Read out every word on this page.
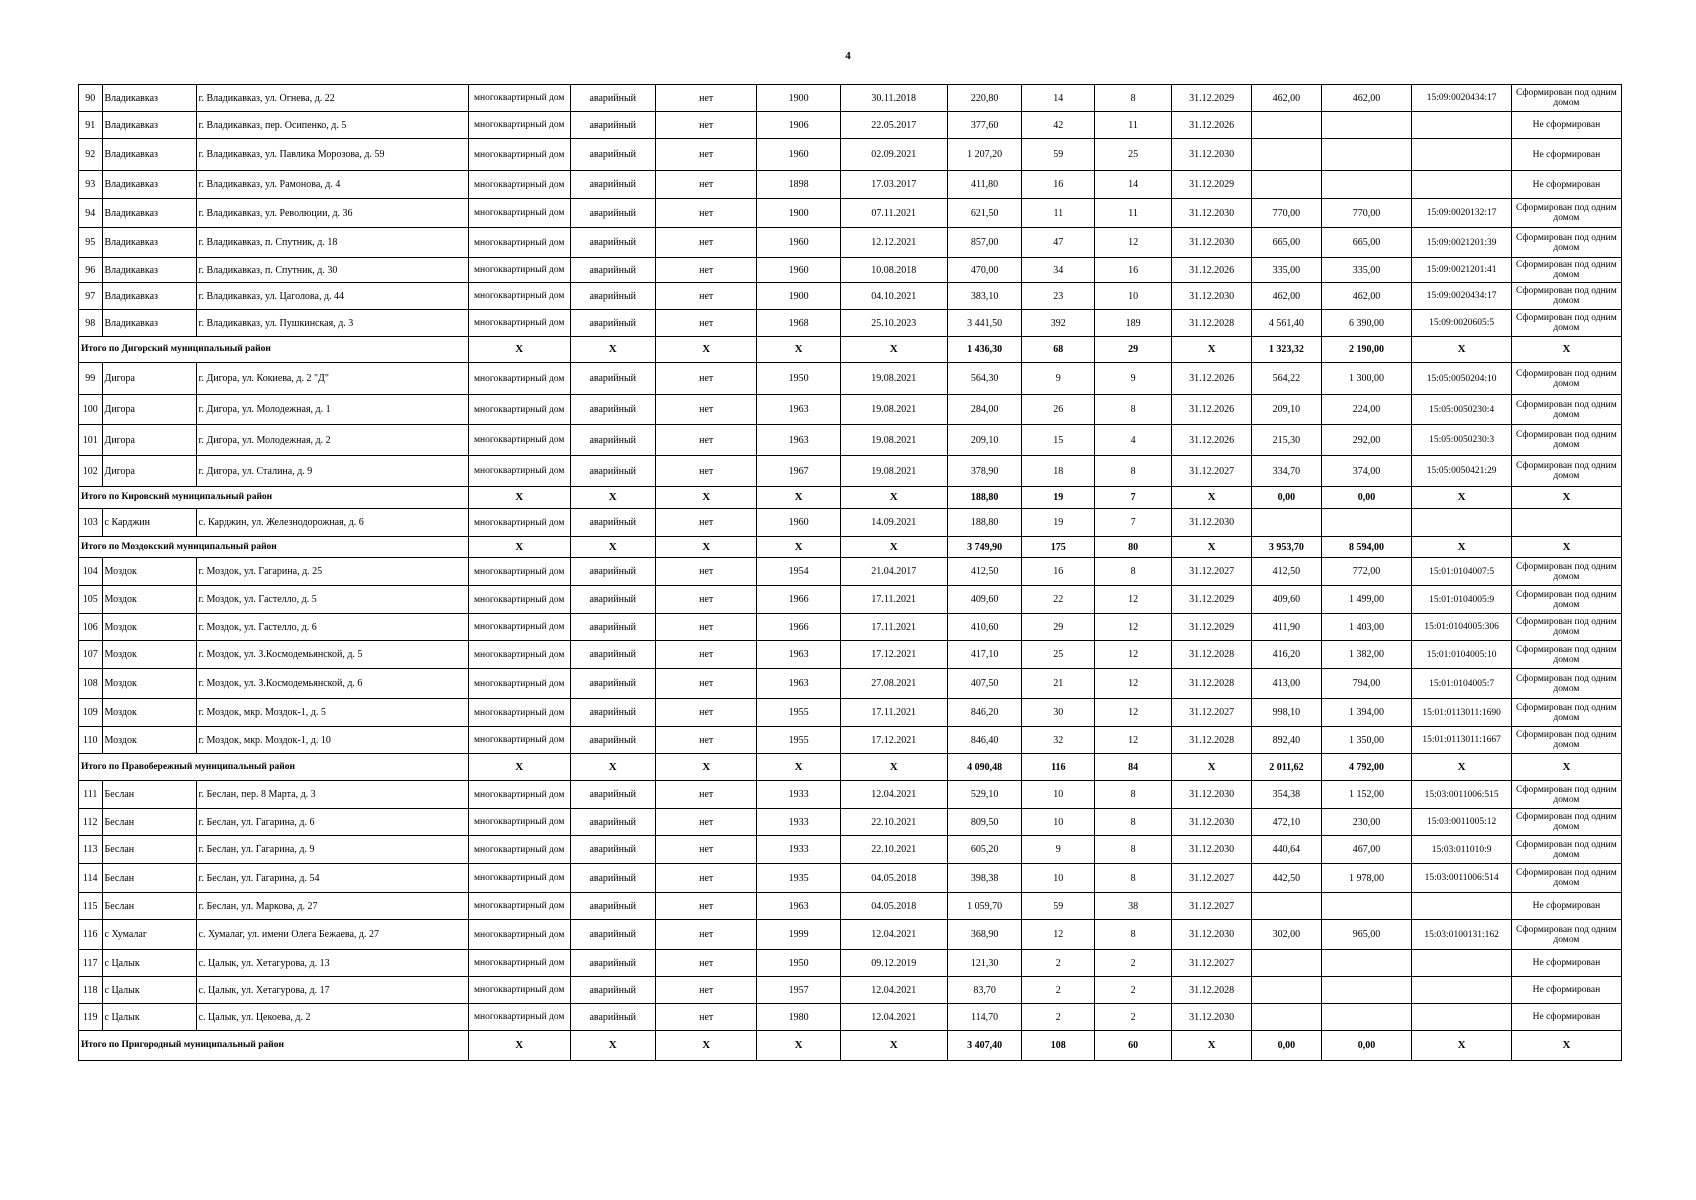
4
90	Владикавказ	г. Владикавказ, ул. Огнева, д. 22	многоквартирный дом	аварийный	нет	1900	30.11.2018	220,80	14	8	31.12.2029	462,00	462,00	15:09:0020434:17	Сформирован под одним домом
91	Владикавказ	г. Владикавказ, пер. Осипенко, д. 5	многоквартирный дом	аварийный	нет	1906	22.05.2017	377,60	42	11	31.12.2026				Не сформирован
92	Владикавказ	г. Владикавказ, ул. Павлика Морозова, д. 59	многоквартирный дом	аварийный	нет	1960	02.09.2021	1 207,20	59	25	31.12.2030				Не сформирован
93	Владикавказ	г. Владикавказ, ул. Рамонова, д. 4	многоквартирный дом	аварийный	нет	1898	17.03.2017	411,80	16	14	31.12.2029				Не сформирован
94	Владикавказ	г. Владикавказ, ул. Революции, д. 36	многоквартирный дом	аварийный	нет	1900	07.11.2021	621,50	11	11	31.12.2030	770,00	770,00	15:09:0020132:17	Сформирован под одним домом
95	Владикавказ	г. Владикавказ, п. Спутник, д. 18	многоквартирный дом	аварийный	нет	1960	12.12.2021	857,00	47	12	31.12.2030	665,00	665,00	15:09:0021201:39	Сформирован под одним домом
96	Владикавказ	г. Владикавказ, п. Спутник, д. 30	многоквартирный дом	аварийный	нет	1960	10.08.2018	470,00	34	16	31.12.2026	335,00	335,00	15:09:0021201:41	Сформирован под одним домом
97	Владикавказ	г. Владикавказ, ул. Цаголова, д. 44	многоквартирный дом	аварийный	нет	1900	04.10.2021	383,10	23	10	31.12.2030	462,00	462,00	15:09:0020434:17	Сформирован под одним домом
98	Владикавказ	г. Владикавказ, ул. Пушкинская, д. 3	многоквартирный дом	аварийный	нет	1968	25.10.2023	3 441,50	392	189	31.12.2028	4 561,40	6 390,00	15:09:0020605:5	Сформирован под одним домом
Итого по Дигорский муниципальный район			X	X	X	X	X	1 436,30	68	29	X	1 323,32	2 190,00	X	X
99	Дигора	г. Дигора, ул. Кокиева, д. 2 "Д"	многоквартирный дом	аварийный	нет	1950	19.08.2021	564,30	9	9	31.12.2026	564,22	1 300,00	15:05:0050204:10	Сформирован под одним домом
100	Дигора	г. Дигора, ул. Молодежная, д. 1	многоквартирный дом	аварийный	нет	1963	19.08.2021	284,00	26	8	31.12.2026	209,10	224,00	15:05:0050230:4	Сформирован под одним домом
101	Дигора	г. Дигора, ул. Молодежная, д. 2	многоквартирный дом	аварийный	нет	1963	19.08.2021	209,10	15	4	31.12.2026	215,30	292,00	15:05:0050230:3	Сформирован под одним домом
102	Дигора	г. Дигора, ул. Сталина, д. 9	многоквартирный дом	аварийный	нет	1967	19.08.2021	378,90	18	8	31.12.2027	334,70	374,00	15:05:0050421:29	Сформирован под одним домом
Итого по Кировский муниципальный район			X	X	X	X	X	188,80	19	7	X	0,00	0,00	X	X
103	с Карджин	с. Карджин, ул. Железнодорожная, д. 6	многоквартирный дом	аварийный	нет	1960	14.09.2021	188,80	19	7	31.12.2030				
Итого по Моздокский муниципальный район			X	X	X	X	X	3 749,90	175	80	X	3 953,70	8 594,00	X	X
104	Моздок	г. Моздок, ул. Гагарина, д. 25	многоквартирный дом	аварийный	нет	1954	21.04.2017	412,50	16	8	31.12.2027	412,50	772,00	15:01:0104007:5	Сформирован под одним домом
105	Моздок	г. Моздок, ул. Гастелло, д. 5	многоквартирный дом	аварийный	нет	1966	17.11.2021	409,60	22	12	31.12.2029	409,60	1 499,00	15:01:0104005:9	Сформирован под одним домом
106	Моздок	г. Моздок, ул. Гастелло, д. 6	многоквартирный дом	аварийный	нет	1966	17.11.2021	410,60	29	12	31.12.2029	411,90	1 403,00	15:01:0104005:306	Сформирован под одним домом
107	Моздок	г. Моздок, ул. З.Космодемьянской, д. 5	многоквартирный дом	аварийный	нет	1963	17.12.2021	417,10	25	12	31.12.2028	416,20	1 382,00	15:01:0104005:10	Сформирован под одним домом
108	Моздок	г. Моздок, ул. З.Космодемьянской, д. 6	многоквартирный дом	аварийный	нет	1963	27.08.2021	407,50	21	12	31.12.2028	413,00	794,00	15:01:0104005:7	Сформирован под одним домом
109	Моздок	г. Моздок, мкр. Моздок-1, д. 5	многоквартирный дом	аварийный	нет	1955	17.11.2021	846,20	30	12	31.12.2027	998,10	1 394,00	15:01:0113011:1690	Сформирован под одним домом
110	Моздок	г. Моздок, мкр. Моздок-1, д. 10	многоквартирный дом	аварийный	нет	1955	17.12.2021	846,40	32	12	31.12.2028	892,40	1 350,00	15:01:0113011:1667	Сформирован под одним домом
Итого по Правобережный муниципальный район			X	X	X	X	X	4 090,48	116	84	X	2 011,62	4 792,00	X	X
111	Беслан	г. Беслан, пер. 8 Марта, д. 3	многоквартирный дом	аварийный	нет	1933	12.04.2021	529,10	10	8	31.12.2030	354,38	1 152,00	15:03:0011006:515	Сформирован под одним домом
112	Беслан	г. Беслан, ул. Гагарина, д. 6	многоквартирный дом	аварийный	нет	1933	22.10.2021	809,50	10	8	31.12.2030	472,10	230,00	15:03:0011005:12	Сформирован под одним домом
113	Беслан	г. Беслан, ул. Гагарина, д. 9	многоквартирный дом	аварийный	нет	1933	22.10.2021	605,20	9	8	31.12.2030	440,64	467,00	15:03:011010:9	Сформирован под одним домом
114	Беслан	г. Беслан, ул. Гагарина, д. 54	многоквартирный дом	аварийный	нет	1935	04.05.2018	398,38	10	8	31.12.2027	442,50	1 978,00	15:03:0011006:514	Сформирован под одним домом
115	Беслан	г. Беслан, ул. Маркова, д. 27	многоквартирный дом	аварийный	нет	1963	04.05.2018	1 059,70	59	38	31.12.2027				Не сформирован
116	с Хумалаг	с. Хумалаг, ул. имени Олега Бежаева, д. 27	многоквартирный дом	аварийный	нет	1999	12.04.2021	368,90	12	8	31.12.2030	302,00	965,00	15:03:0100131:162	Сформирован под одним домом
117	с Цалык	с. Цалык, ул. Хетагурова, д. 13	многоквартирный дом	аварийный	нет	1950	09.12.2019	121,30	2	2	31.12.2027				Не сформирован
118	с Цалык	с. Цалык, ул. Хетагурова, д. 17	многоквартирный дом	аварийный	нет	1957	12.04.2021	83,70	2	2	31.12.2028				Не сформирован
119	с Цалык	с. Цалык, ул. Цекоева, д. 2	многоквартирный дом	аварийный	нет	1980	12.04.2021	114,70	2	2	31.12.2030				Не сформирован
Итого по Пригородный муниципальный район			X	X	X	X	X	3 407,40	108	60	X	0,00	0,00	X	X
